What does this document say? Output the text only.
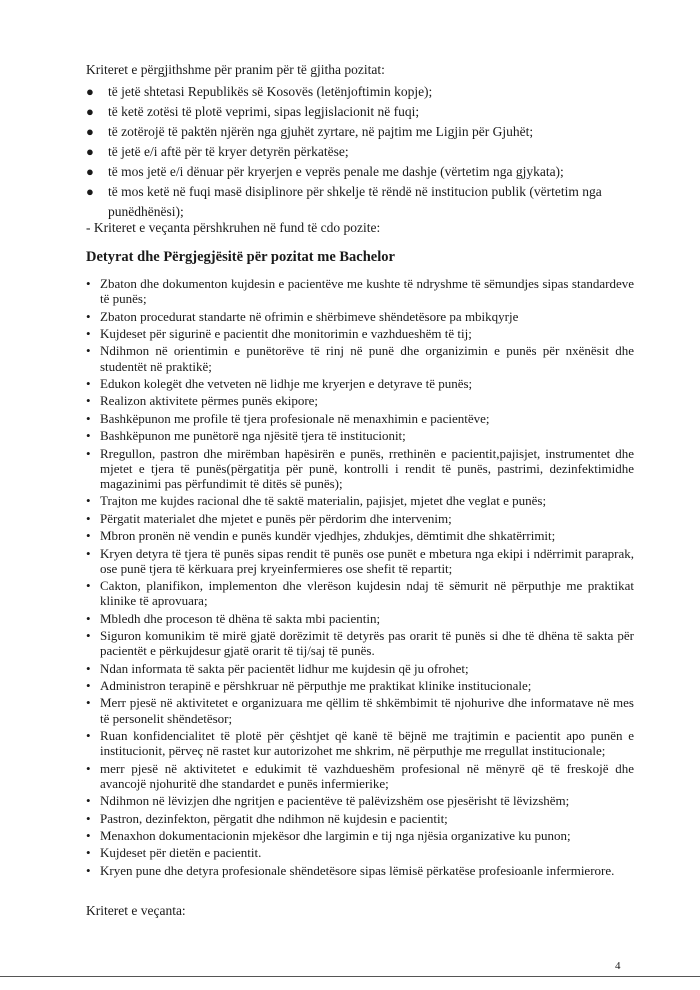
Kriteret e përgjithshme për pranim për të gjitha pozitat:
● të jetë shtetasi Republikës së Kosovës (letënjoftimin kopje);
● të ketë zotësi të plotë veprimi, sipas legjislacionit në fuqi;
● të zotërojë të paktën njërën nga gjuhët zyrtare, në pajtim me Ligjin për Gjuhët;
● të jetë e/i aftë për të kryer detyrën përkatëse;
● të mos jetë e/i dënuar për kryerjen e veprës penale me dashje (vërtetim nga gjykata);
● të mos ketë në fuqi masë disiplinore për shkelje të rëndë në institucion publik (vërtetim nga punëdhënësi);
- Kriteret e veçanta përshkruhen në fund të cdo pozite:
Detyrat dhe Përgjegjësitë për pozitat me Bachelor
• Zbaton dhe dokumenton kujdesin e pacientëve me kushte të ndryshme të sëmundjes sipas standardeve të punës;
• Zbaton procedurat standarte në ofrimin e shërbimeve shëndetësore pa mbikqyrje
• Kujdeset për sigurinë e pacientit dhe monitorimin e vazhdueshëm të tij;
• Ndihmon në orientimin e punëtorëve të rinj në punë dhe organizimin e punës për nxënësit dhe studentët në praktikë;
• Edukon kolegët dhe vetveten në lidhje me kryerjen e detyrave të punës;
• Realizon aktivitete përmes punës ekipore;
• Bashkëpunon me profile të tjera profesionale në menaxhimin e pacientëve;
• Bashkëpunon me punëtorë nga njësitë tjera të institucionit;
• Rregullon, pastron dhe mirëmban hapësirën e punës, rrethinën e pacientit,pajisjet, instrumentet dhe mjetet e tjera të punës(përgatitja për punë, kontrolli i rendit të punës, pastrimi, dezinfektimidhe magazinimi pas përfundimit të ditës së punës);
• Trajton me kujdes racional dhe të saktë materialin, pajisjet, mjetet dhe veglat e punës;
• Përgatit materialet dhe mjetet e punës për përdorim dhe intervenim;
• Mbron pronën në vendin e punës kundër vjedhjes, zhdukjes, dëmtimit dhe shkatërrimit;
• Kryen detyra të tjera të punës sipas rendit të punës ose punët e mbetura nga ekipi i ndërrimit paraprak, ose punë tjera të kërkuara prej kryeinfermieres ose shefit të repartit;
• Cakton, planifikon, implementon dhe vlerëson kujdesin ndaj të sëmurit në përputhje me praktikat klinike të aprovuara;
• Mbledh dhe proceson të dhëna të sakta mbi pacientin;
• Siguron komunikim të mirë gjatë dorëzimit të detyrës pas orarit të punës si dhe të dhëna të sakta për pacientët e përkujdesur gjatë orarit të tij/saj të punës.
• Ndan informata të sakta për pacientët lidhur me kujdesin që ju ofrohet;
• Administron terapinë e përshkruar në përputhje me praktikat klinike institucionale;
• Merr pjesë në aktivitetet e organizuara me qëllim të shkëmbimit të njohurive dhe informatave në mes të personelit shëndetësor;
• Ruan konfidencialitet të plotë për çështjet që kanë të bëjnë me trajtimin e pacientit apo punën e institucionit, përveç në rastet kur autorizohet me shkrim, në përputhje me rregullat institucionale;
• merr pjesë në aktivitetet e edukimit të vazhdueshëm profesional në mënyrë që të freskojë dhe avancojë njohuritë dhe standardet e punës infermierike;
• Ndihmon në lëvizjen dhe ngritjen e pacientëve të palëvizshëm ose pjesërisht të lëvizshëm;
• Pastron, dezinfekton, përgatit dhe ndihmon në kujdesin e pacientit;
• Menaxhon dokumentacionin mjekësor dhe largimin e tij nga njësia organizative ku punon;
• Kujdeset për dietën e pacientit.
• Kryen pune dhe detyra profesionale shëndetësore sipas lëmisë përkatëse profesioanle infermierore.
Kriteret e veçanta:
4
